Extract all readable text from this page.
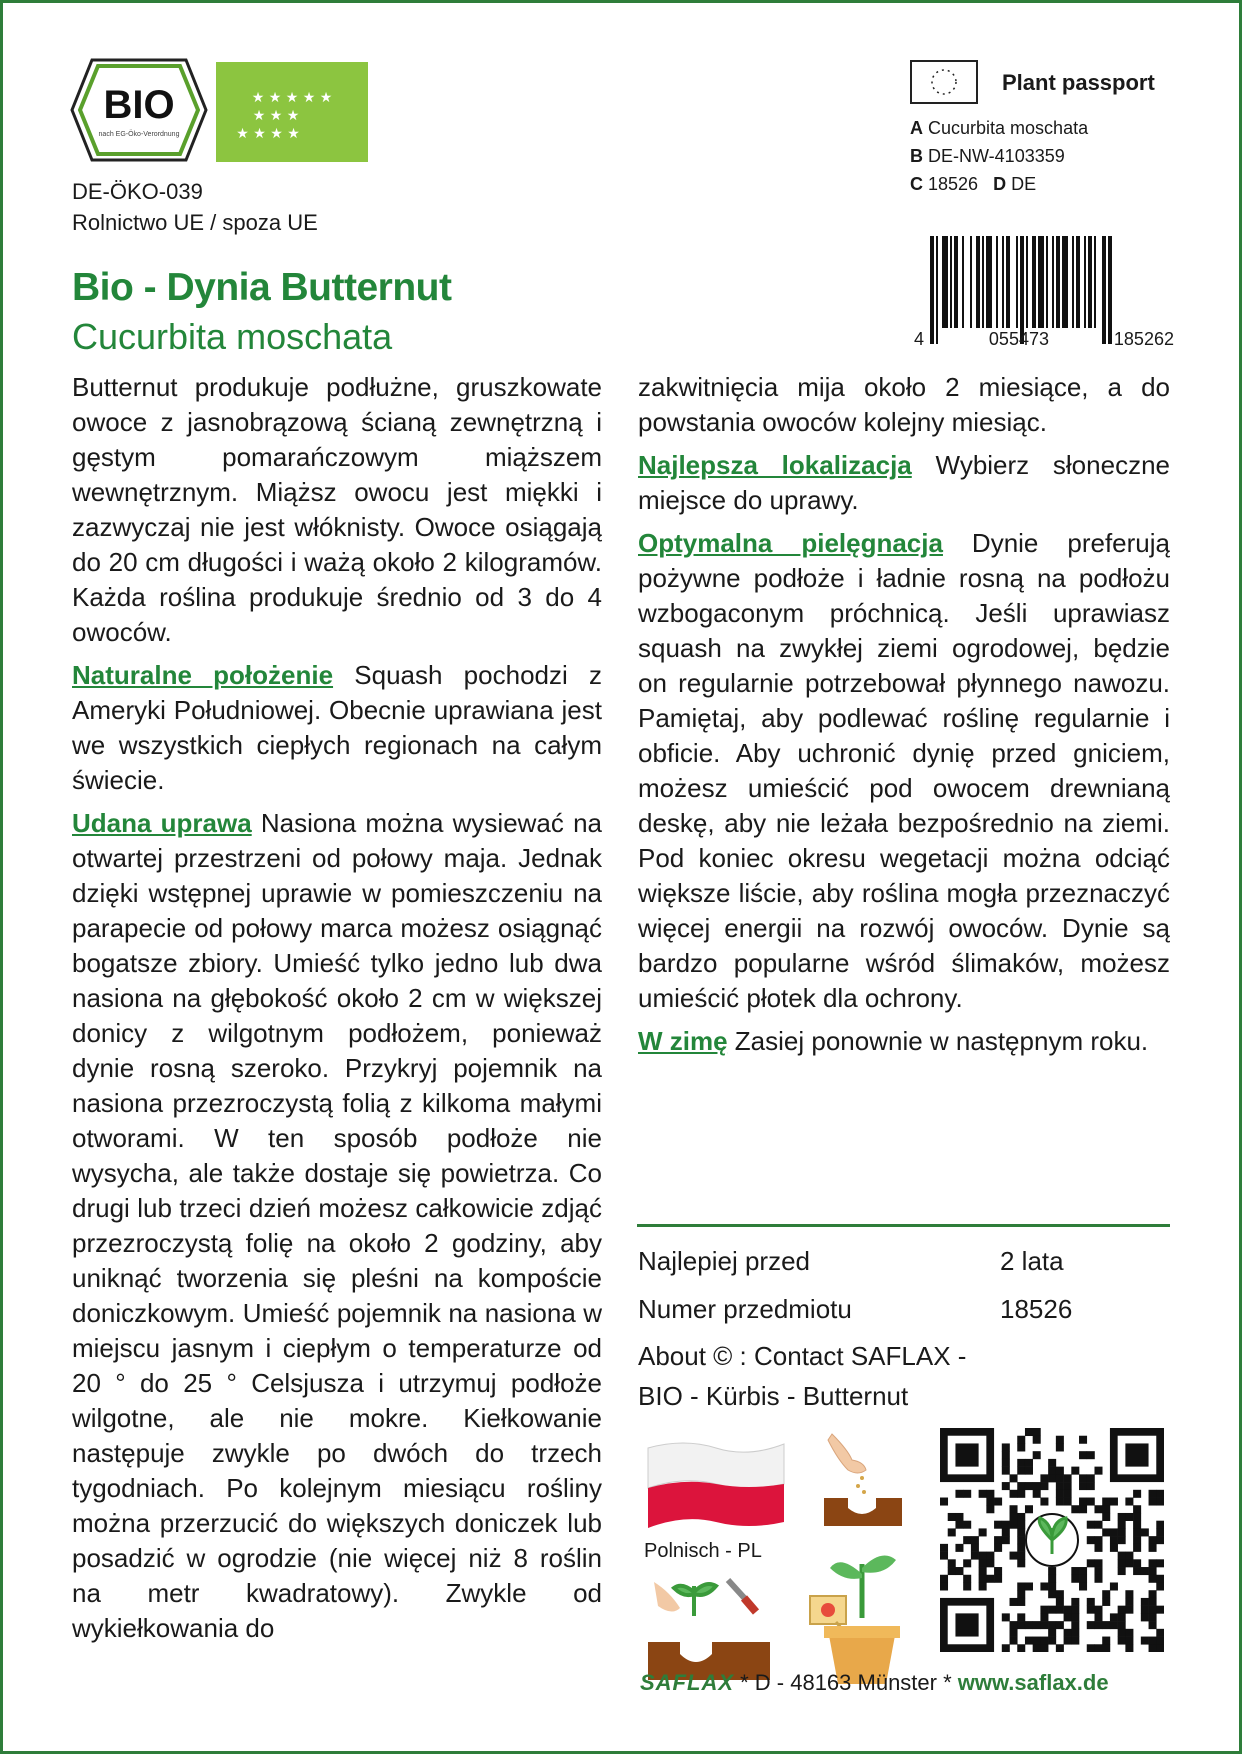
BIO
nach EG-Öko-Verordnung
★ ★ ★ ★ ★
★ ★ ★
★ ★ ★ ★
DE-ÖKO-039
Rolnictwo UE / spoza UE
Plant passport
A Cucurbita moschata
B DE-NW-4103359
C 18526 D DE
4	055473	185262
Bio - Dynia Butternut
Cucurbita moschata

Butternut produkuje podłużne, gruszkowate owoce z jasnobrązową ścianą zewnętrzną i gęstym pomarańczowym miąższem wewnętrznym. Miąższ owocu jest miękki i zazwyczaj nie jest włóknisty. Owoce osiągają do 20 cm długości i ważą około 2 kilogramów. Każda roślina produkuje średnio od 3 do 4 owoców.

Naturalne położenie Squash pochodzi z Ameryki Południowej. Obecnie uprawiana jest we wszystkich ciepłych regionach na całym świecie.

Udana uprawa Nasiona można wysiewać na otwartej przestrzeni od połowy maja. Jednak dzięki wstępnej uprawie w pomieszczeniu na parapecie od połowy marca możesz osiągnąć bogatsze zbiory. Umieść tylko jedno lub dwa nasiona na głębokość około 2 cm w większej donicy z wilgotnym podłożem, ponieważ dynie rosną szeroko. Przykryj pojemnik na nasiona przezroczystą folią z kilkoma małymi otworami. W ten sposób podłoże nie wysycha, ale także dostaje się powietrza. Co drugi lub trzeci dzień możesz całkowicie zdjąć przezroczystą folię na około 2 godziny, aby uniknąć tworzenia się pleśni na kompoście doniczkowym. Umieść pojemnik na nasiona w miejscu jasnym i ciepłym o temperaturze od 20 ° do 25 ° Celsjusza i utrzymuj podłoże wilgotne, ale nie mokre. Kiełkowanie następuje zwykle po dwóch do trzech tygodniach. Po kolejnym miesiącu rośliny można przerzucić do większych doniczek lub posadzić w ogrodzie (nie więcej niż 8 roślin na metr kwadratowy). Zwykle od wykiełkowania do

zakwitnięcia mija około 2 miesiące, a do powstania owoców kolejny miesiąc.

Najlepsza lokalizacja Wybierz słoneczne miejsce do uprawy.

Optymalna pielęgnacja Dynie preferują pożywne podłoże i ładnie rosną na podłożu wzbogaconym próchnicą. Jeśli uprawiasz squash na zwykłej ziemi ogrodowej, będzie on regularnie potrzebował płynnego nawozu. Pamiętaj, aby podlewać roślinę regularnie i obficie. Aby uchronić dynię przed gniciem, możesz umieścić pod owocem drewnianą deskę, aby nie leżała bezpośrednio na ziemi. Pod koniec okresu wegetacji można odciąć większe liście, aby roślina mogła przeznaczyć więcej energii na rozwój owoców. Dynie są bardzo popularne wśród ślimaków, możesz umieścić płotek dla ochrony.

W zimę Zasiej ponownie w następnym roku.

Najlepiej przed	2 lata
Numer przedmiotu	18526
About © : Contact SAFLAX -
BIO - Kürbis - Butternut
Polnisch - PL
SAFLAX * D - 48163 Münster * www.saflax.de
